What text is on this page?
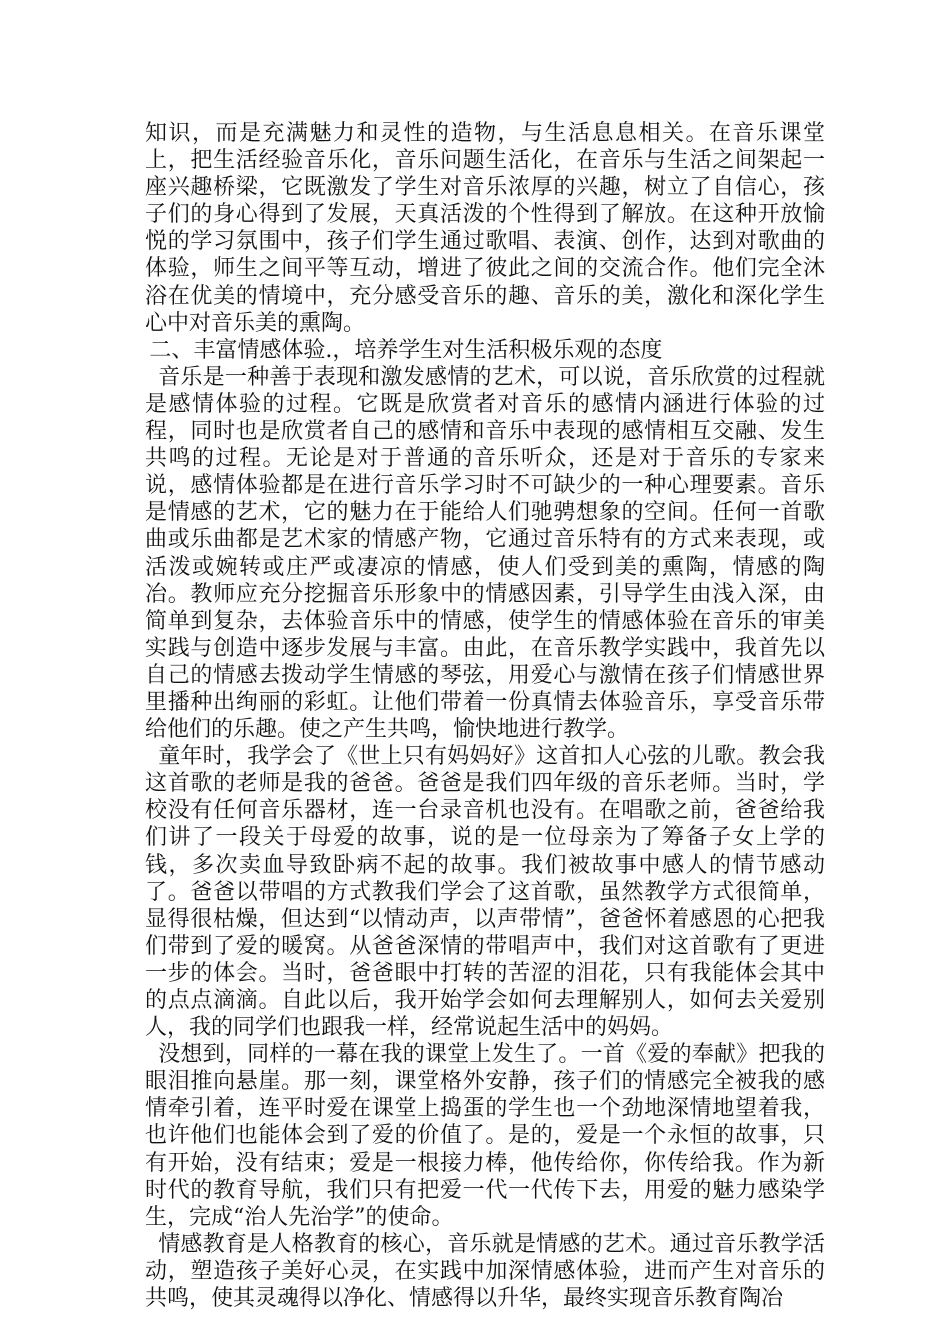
知识，而是充满魅力和灵性的造物，与生活息息相关。在音乐课堂上，把生活经验音乐化，音乐问题生活化，在音乐与生活之间架起一座兴趣桥梁，它既激发了学生对音乐浓厚的兴趣，树立了自信心，孩子们的身心得到了发展，天真活泼的个性得到了解放。在这种开放愉悦的学习氛围中，孩子们学生通过歌唱、表演、创作，达到对歌曲的体验，师生之间平等互动，增进了彼此之间的交流合作。他们完全沐浴在优美的情境中，充分感受音乐的趣、音乐的美，激化和深化学生心中对音乐美的熏陶。

二、丰富情感体验.，培养学生对生活积极乐观的态度

音乐是一种善于表现和激发感情的艺术，可以说，音乐欣赏的过程就是感情体验的过程。它既是欣赏者对音乐的感情内涵进行体验的过程，同时也是欣赏者自己的感情和音乐中表现的感情相互交融、发生共鸣的过程。无论是对于普通的音乐听众，还是对于音乐的专家来说，感情体验都是在进行音乐学习时不可缺少的一种心理要素。音乐是情感的艺术，它的魅力在于能给人们驰骋想象的空间。任何一首歌曲或乐曲都是艺术家的情感产物，它通过音乐特有的方式来表现，或活泼或婉转或庄严或凄凉的情感，使人们受到美的熏陶，情感的陶冶。教师应充分挖掘音乐形象中的情感因素，引导学生由浅入深，由简单到复杂，去体验音乐中的情感，使学生的情感体验在音乐的审美实践与创造中逐步发展与丰富。由此，在音乐教学实践中，我首先以自己的情感去拨动学生情感的琴弦，用爱心与激情在孩子们情感世界里播种出绚丽的彩虹。让他们带着一份真情去体验音乐，享受音乐带给他们的乐趣。使之产生共鸣，愉快地进行教学。

童年时，我学会了《世上只有妈妈好》这首扣人心弦的儿歌。教会我这首歌的老师是我的爸爸。爸爸是我们四年级的音乐老师。当时，学校没有任何音乐器材，连一台录音机也没有。在唱歌之前，爸爸给我们讲了一段关于母爱的故事，说的是一位母亲为了筹备子女上学的钱，多次卖血导致卧病不起的故事。我们被故事中感人的情节感动了。爸爸以带唱的方式教我们学会了这首歌，虽然教学方式很简单，显得很枯燥，但达到“以情动声，以声带情”，爸爸怀着感恩的心把我们带到了爱的暖窝。从爸爸深情的带唱声中，我们对这首歌有了更进一步的体会。当时，爸爸眼中打转的苦涩的泪花，只有我能体会其中的点点滴滴。自此以后，我开始学会如何去理解别人，如何去关爱别人，我的同学们也跟我一样，经常说起生活中的妈妈。

没想到，同样的一幕在我的课堂上发生了。一首《爱的奉献》把我的眼泪推向悬崖。那一刻，课堂格外安静，孩子们的情感完全被我的感情牵引着，连平时爱在课堂上捣蛋的学生也一个劲地深情地望着我，也许他们也能体会到了爱的价值了。是的，爱是一个永恒的故事，只有开始，没有结束；爱是一根接力棒，他传给你，你传给我。作为新时代的教育导航，我们只有把爱一代一代传下去，用爱的魅力感染学生，完成“治人先治学”的使命。

情感教育是人格教育的核心，音乐就是情感的艺术。通过音乐教学活动，塑造孩子美好心灵，在实践中加深情感体验，进而产生对音乐的共鸣，使其灵魂得以净化、情感得以升华，最终实现音乐教育陶冶
